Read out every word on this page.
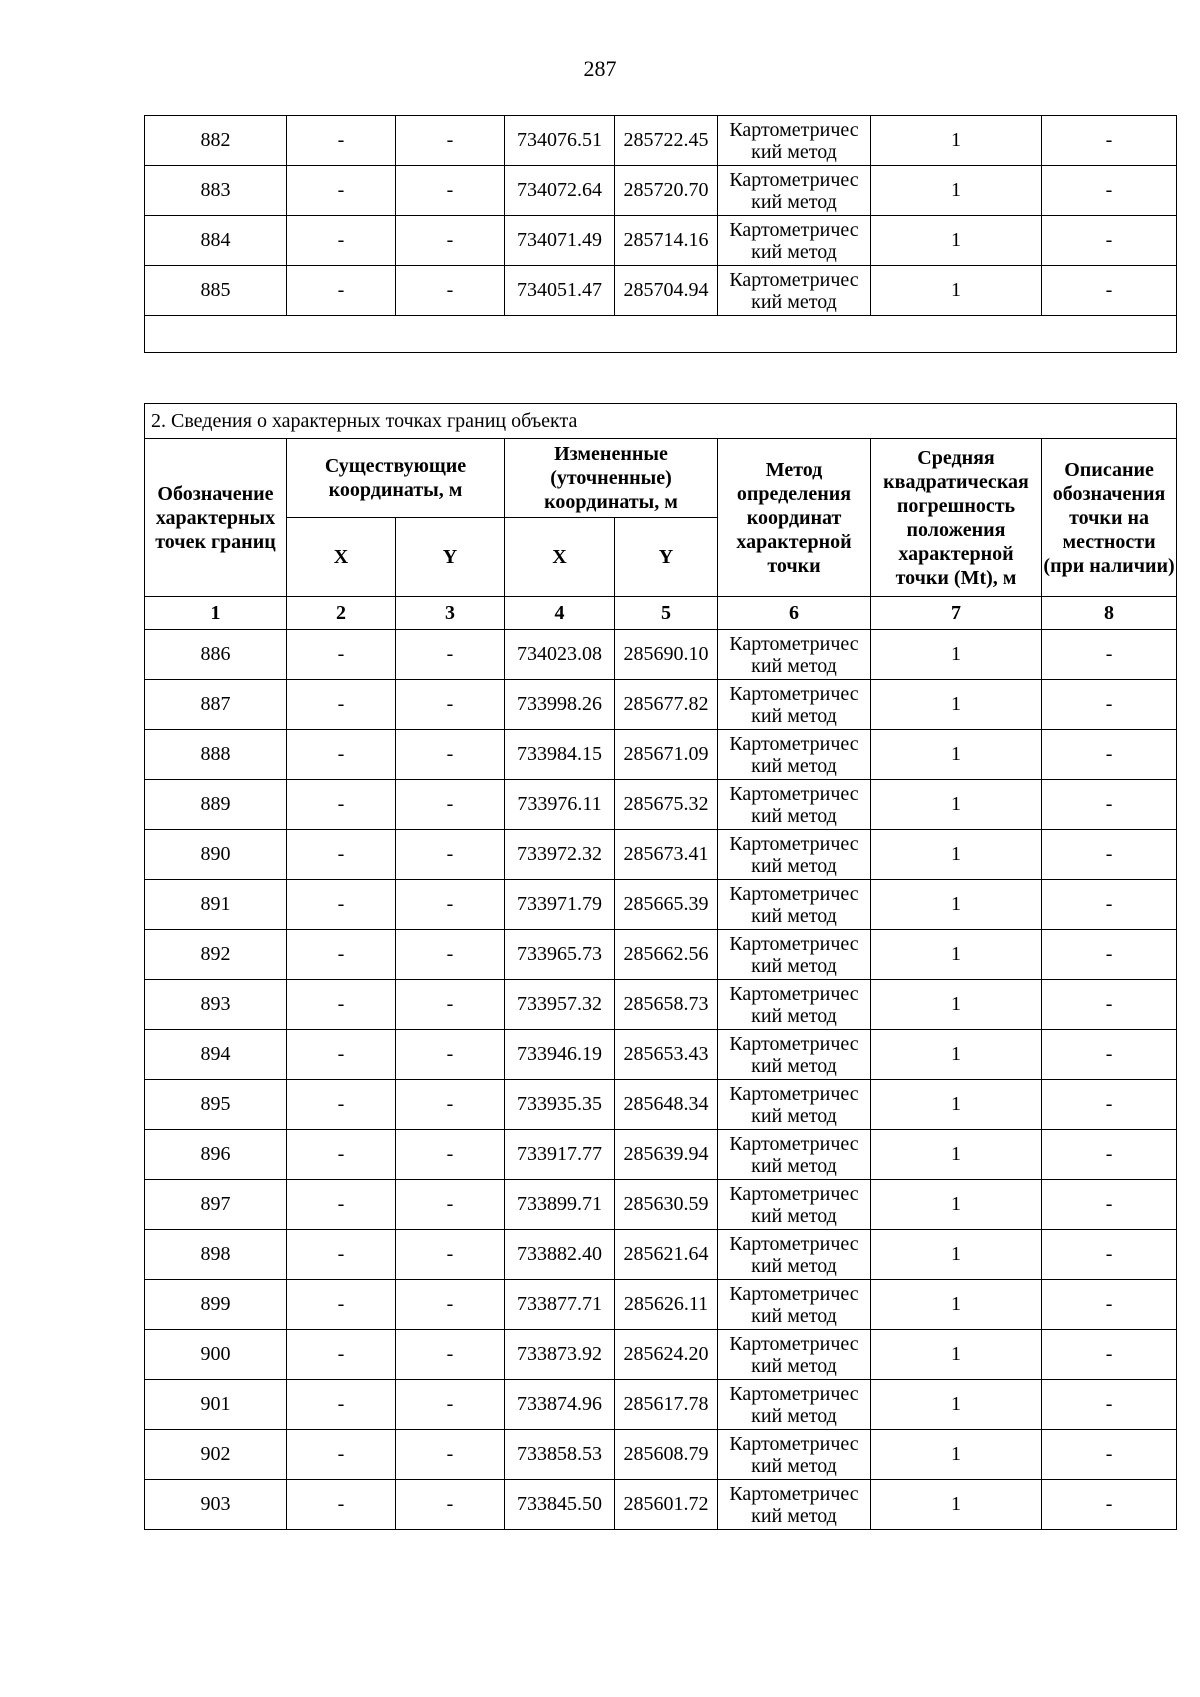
287
882	-	-	734076.51	285722.45	Картометричес кий метод	1	-
883	-	-	734072.64	285720.70	Картометричес кий метод	1	-
884	-	-	734071.49	285714.16	Картометричес кий метод	1	-
885	-	-	734051.47	285704.94	Картометричес кий метод	1	-

2. Сведения о характерных точках границ объекта							
Обозначение характерных точек границ	Существующие координаты, м		Измененные (уточненные) координаты, м		Метод определения координат характерной точки	Средняя квадратическая погрешность положения характерной точки (Mt), м	Описание обозначения точки на местности (при наличии)
	X	Y	X	Y			
1	2	3	4	5	6	7	8
886	-	-	734023.08	285690.10	Картометричес кий метод	1	-
887	-	-	733998.26	285677.82	Картометричес кий метод	1	-
888	-	-	733984.15	285671.09	Картометричес кий метод	1	-
889	-	-	733976.11	285675.32	Картометричес кий метод	1	-
890	-	-	733972.32	285673.41	Картометричес кий метод	1	-
891	-	-	733971.79	285665.39	Картометричес кий метод	1	-
892	-	-	733965.73	285662.56	Картометричес кий метод	1	-
893	-	-	733957.32	285658.73	Картометричес кий метод	1	-
894	-	-	733946.19	285653.43	Картометричес кий метод	1	-
895	-	-	733935.35	285648.34	Картометричес кий метод	1	-
896	-	-	733917.77	285639.94	Картометричес кий метод	1	-
897	-	-	733899.71	285630.59	Картометричес кий метод	1	-
898	-	-	733882.40	285621.64	Картометричес кий метод	1	-
899	-	-	733877.71	285626.11	Картометричес кий метод	1	-
900	-	-	733873.92	285624.20	Картометричес кий метод	1	-
901	-	-	733874.96	285617.78	Картометричес кий метод	1	-
902	-	-	733858.53	285608.79	Картометричес кий метод	1	-
903	-	-	733845.50	285601.72	Картометричес кий метод	1	-
